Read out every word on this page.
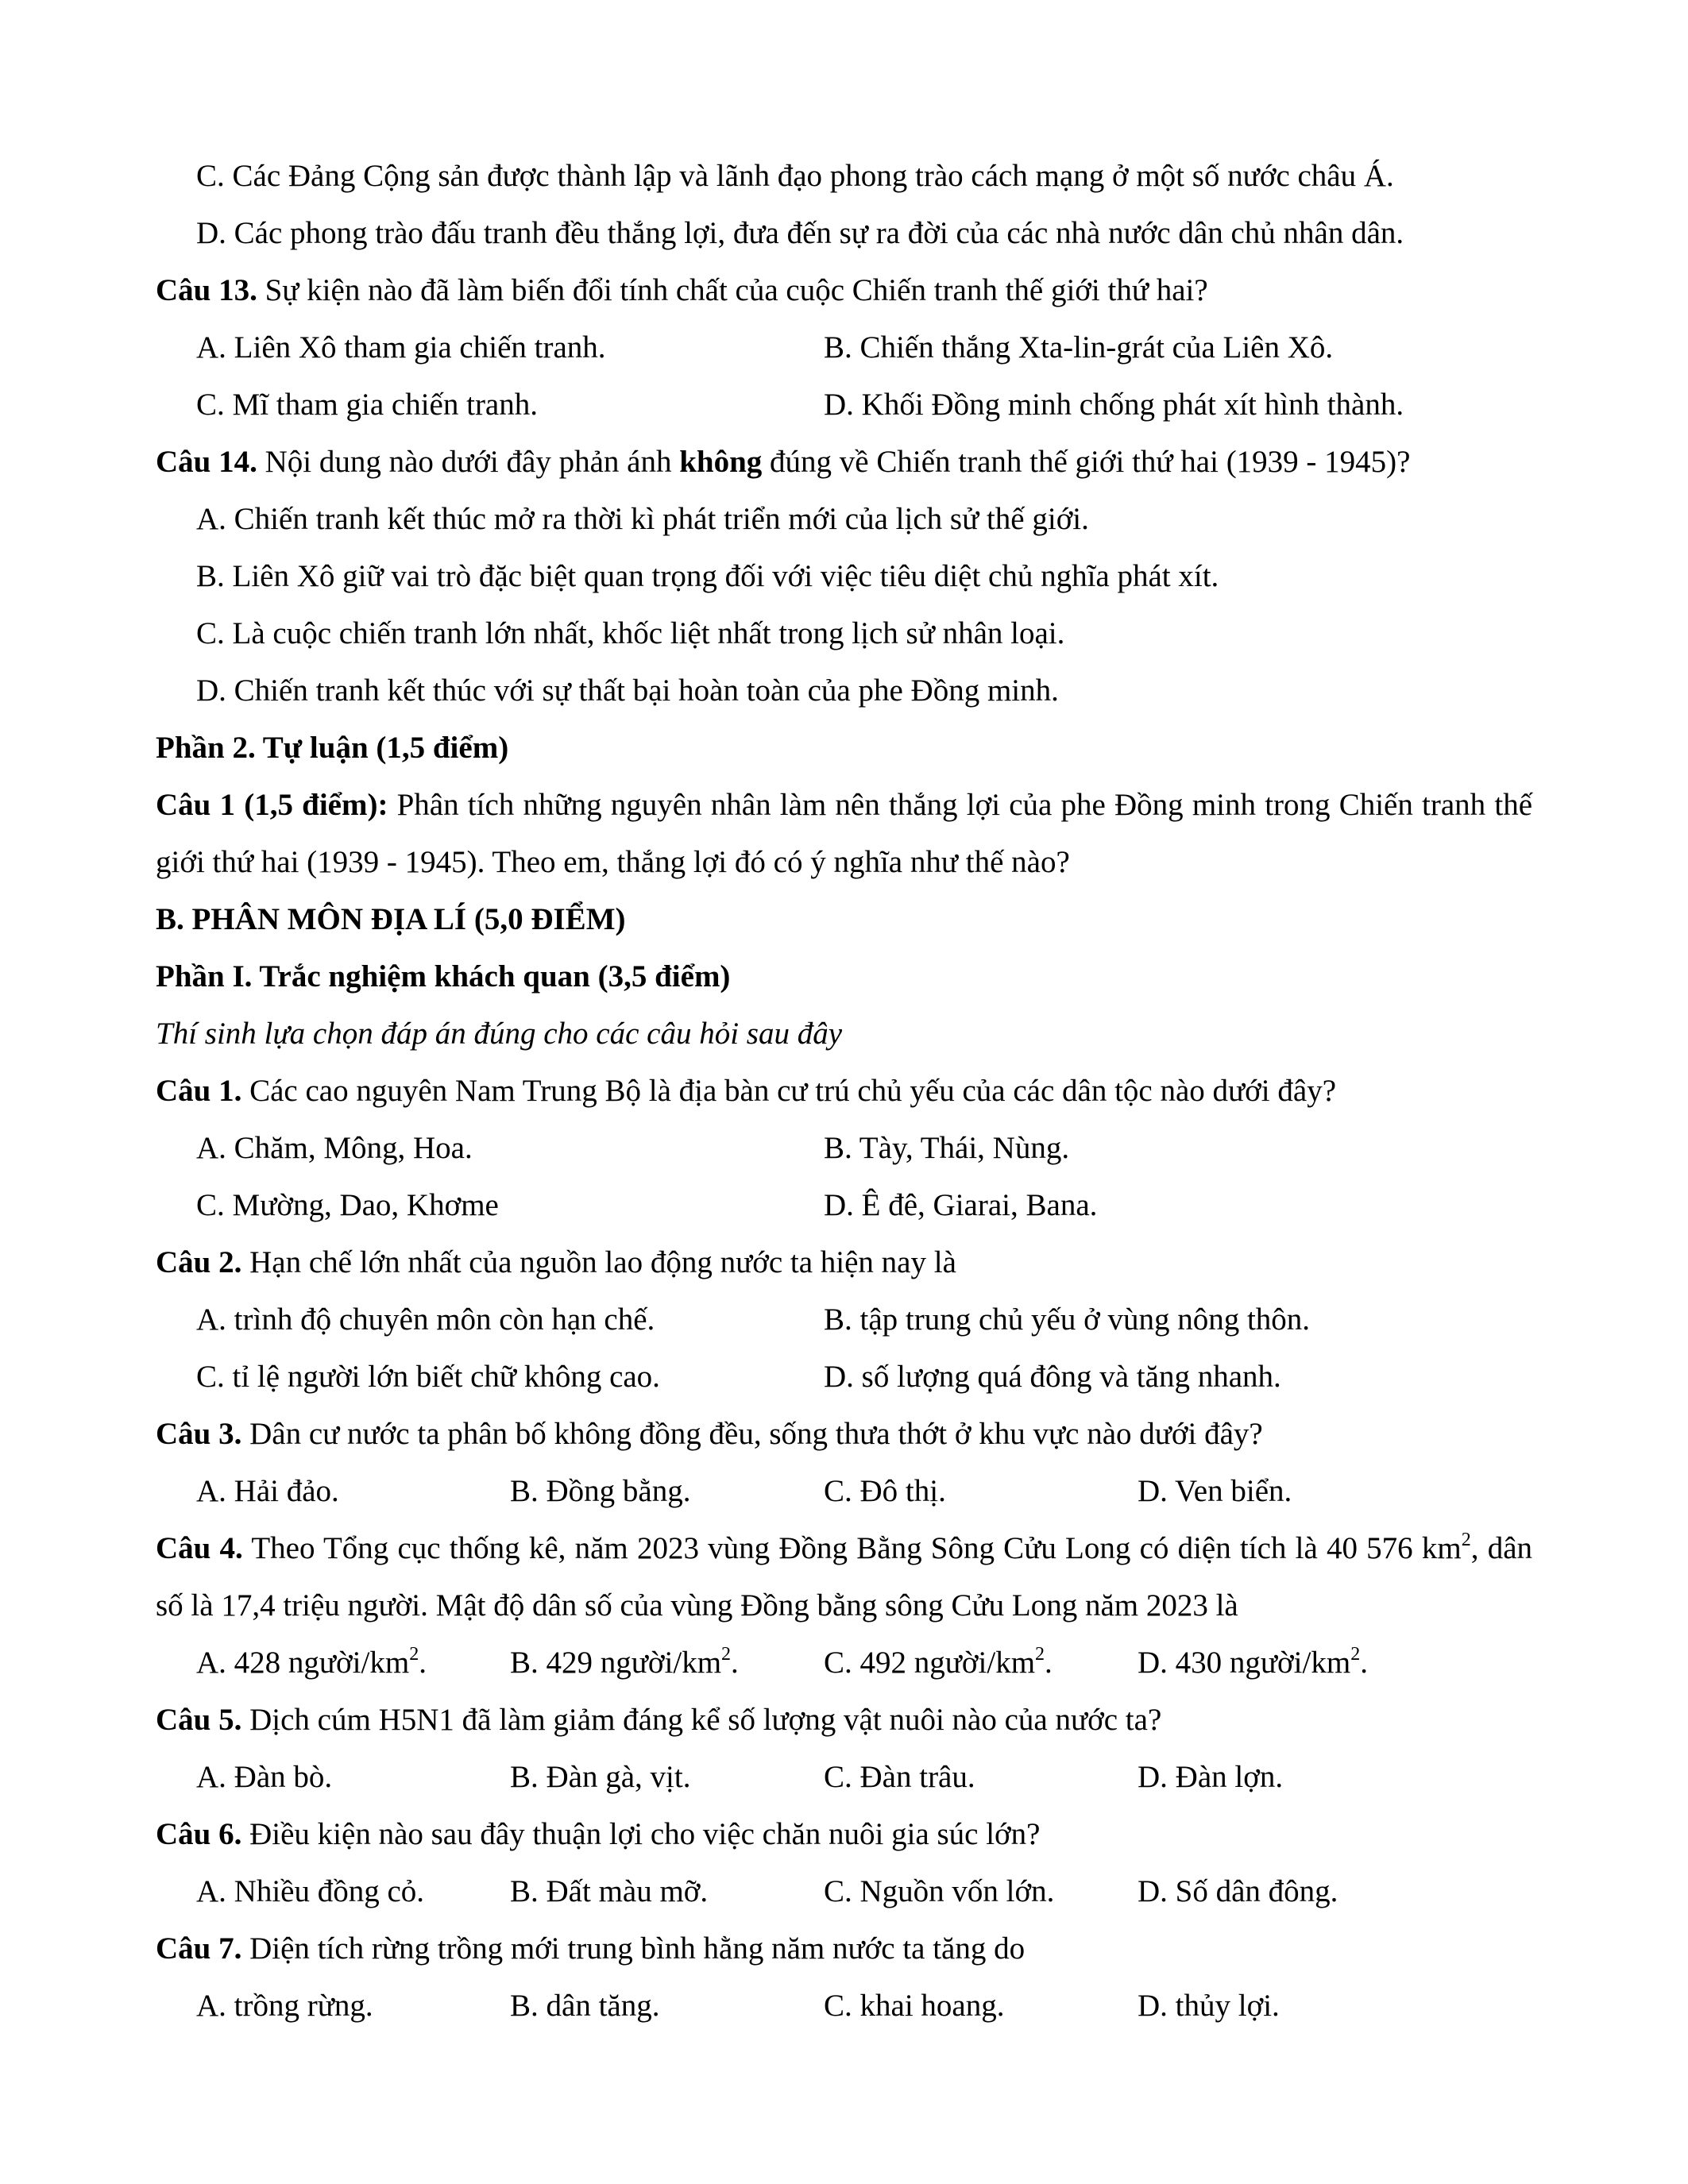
C. Các Đảng Cộng sản được thành lập và lãnh đạo phong trào cách mạng ở một số nước châu Á.
D. Các phong trào đấu tranh đều thắng lợi, đưa đến sự ra đời của các nhà nước dân chủ nhân dân.
Câu 13. Sự kiện nào đã làm biến đổi tính chất của cuộc Chiến tranh thế giới thứ hai?
A. Liên Xô tham gia chiến tranh.	B. Chiến thắng Xta-lin-grát của Liên Xô.
C. Mĩ tham gia chiến tranh.	D. Khối Đồng minh chống phát xít hình thành.
Câu 14. Nội dung nào dưới đây phản ánh không đúng về Chiến tranh thế giới thứ hai (1939 - 1945)?
A. Chiến tranh kết thúc mở ra thời kì phát triển mới của lịch sử thế giới.
B. Liên Xô giữ vai trò đặc biệt quan trọng đối với việc tiêu diệt chủ nghĩa phát xít.
C. Là cuộc chiến tranh lớn nhất, khốc liệt nhất trong lịch sử nhân loại.
D. Chiến tranh kết thúc với sự thất bại hoàn toàn của phe Đồng minh.
Phần 2. Tự luận (1,5 điểm)
Câu 1 (1,5 điểm): Phân tích những nguyên nhân làm nên thắng lợi của phe Đồng minh trong Chiến tranh thế giới thứ hai (1939 - 1945). Theo em, thắng lợi đó có ý nghĩa như thế nào?
B. PHÂN MÔN ĐỊA LÍ (5,0 ĐIỂM)
Phần I. Trắc nghiệm khách quan (3,5 điểm)
Thí sinh lựa chọn đáp án đúng cho các câu hỏi sau đây
Câu 1. Các cao nguyên Nam Trung Bộ là địa bàn cư trú chủ yếu của các dân tộc nào dưới đây?
A. Chăm, Mông, Hoa.	B. Tày, Thái, Nùng.
C. Mường, Dao, Khơme	D. Ê đê, Giarai, Bana.
Câu 2. Hạn chế lớn nhất của nguồn lao động nước ta hiện nay là
A. trình độ chuyên môn còn hạn chế.	B. tập trung chủ yếu ở vùng nông thôn.
C. tỉ lệ người lớn biết chữ không cao.	D. số lượng quá đông và tăng nhanh.
Câu 3. Dân cư nước ta phân bố không đồng đều, sống thưa thớt ở khu vực nào dưới đây?
A. Hải đảo.	B. Đồng bằng.	C. Đô thị.	D. Ven biển.
Câu 4. Theo Tổng cục thống kê, năm 2023 vùng Đồng Bằng Sông Cửu Long có diện tích là 40 576 $km^2$, dân số là 17,4 triệu người. Mật độ dân số của vùng Đồng bằng sông Cửu Long năm 2023 là
A. 428 người/$km^2$.	B. 429 người/$km^2$.	C. 492 người/$km^2$.	D. 430 người/$km^2$.
Câu 5. Dịch cúm H5N1 đã làm giảm đáng kể số lượng vật nuôi nào của nước ta?
A. Đàn bò.	B. Đàn gà, vịt.	C. Đàn trâu.	D. Đàn lợn.
Câu 6. Điều kiện nào sau đây thuận lợi cho việc chăn nuôi gia súc lớn?
A. Nhiều đồng cỏ.	B. Đất màu mỡ.	C. Nguồn vốn lớn.	D. Số dân đông.
Câu 7. Diện tích rừng trồng mới trung bình hằng năm nước ta tăng do
A. trồng rừng.	B. dân tăng.	C. khai hoang.	D. thủy lợi.
